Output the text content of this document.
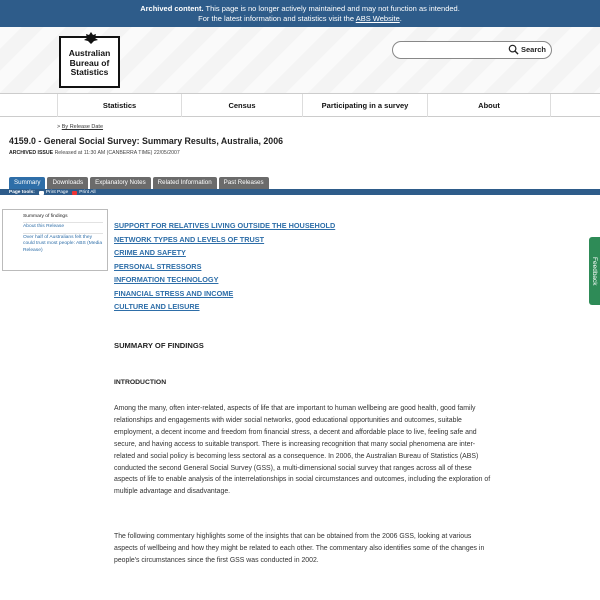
Archived content. This page is no longer actively maintained and may not function as intended.
For the latest information and statistics visit the ABS Website.
Australian
Bureau of
Statistics
Search
Statistics	Census	Participating in a survey	About
> By Release Date
4159.0 - General Social Survey: Summary Results, Australia, 2006
ARCHIVED ISSUE Released at 11:30 AM (CANBERRA TIME) 22/05/2007
Summary	Downloads	Explanatory Notes	Related Information	Past Releases
Page tools: Print Page Print All
Summary of findings
About this Release
Over half of Australians felt they could trust most people: ABS (Media Release)
SUPPORT FOR RELATIVES LIVING OUTSIDE THE HOUSEHOLD
NETWORK TYPES AND LEVELS OF TRUST
CRIME AND SAFETY
PERSONAL STRESSORS
INFORMATION TECHNOLOGY
FINANCIAL STRESS AND INCOME
CULTURE AND LEISURE
SUMMARY OF FINDINGS
INTRODUCTION
Among the many, often inter-related, aspects of life that are important to human wellbeing are good health, good family relationships and engagements with wider social networks, good educational opportunities and outcomes, suitable employment, a decent income and freedom from financial stress, a decent and affordable place to live, feeling safe and secure, and having access to suitable transport. There is increasing recognition that many social phenomena are inter-related and social policy is becoming less sectoral as a consequence. In 2006, the Australian Bureau of Statistics (ABS) conducted the second General Social Survey (GSS), a multi-dimensional social survey that ranges across all of these aspects of life to enable analysis of the interrelationships in social circumstances and outcomes, including the exploration of multiple advantage and disadvantage.
The following commentary highlights some of the insights that can be obtained from the 2006 GSS, looking at various aspects of wellbeing and how they might be related to each other. The commentary also identifies some of the changes in people's circumstances since the first GSS was conducted in 2002.
Feedback
